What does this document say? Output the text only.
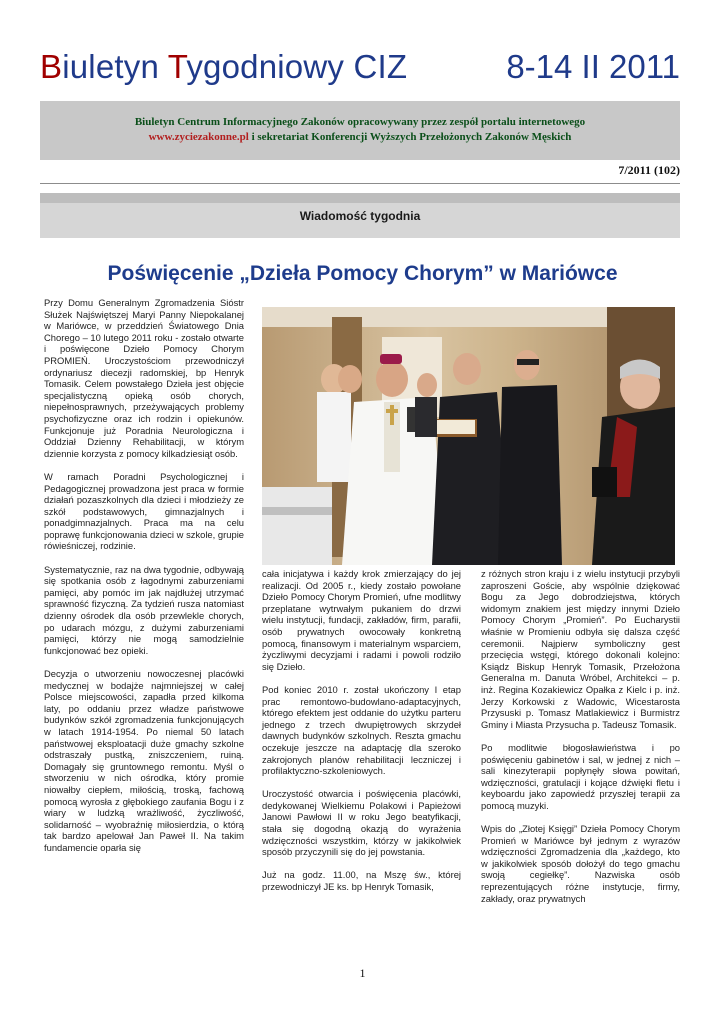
Biuletyn Tygodniowy CIZ	8-14 II 2011
Biuletyn Centrum Informacyjnego Zakonów opracowywany przez zespół portalu internetowego
www.zyciezakonne.pl i sekretariat Konferencji Wyższych Przełożonych Zakonów Męskich
7/2011 (102)
Wiadomość tygodnia
Poświęcenie „Dzieła Pomocy Chorym” w Mariówce

Przy Domu Generalnym Zgromadzenia Sióstr Służek Najświętszej Maryi Panny Niepokalanej w Mariówce, w przeddzień Światowego Dnia Chorego – 10 lutego 2011 roku - zostało otwarte i poświęcone Dzieło Pomocy Chorym PROMIEŃ. Uroczystościom przewodniczył ordynariusz diecezji radomskiej, bp Henryk Tomasik. Celem powstałego Dzieła jest objęcie specjalistyczną opieką osób chorych, niepełnosprawnych, przeżywających problemy psychofizyczne oraz ich rodzin i opiekunów. Funkcjonuje już Poradnia Neurologiczna i Oddział Dzienny Rehabilitacji, w którym dziennie korzysta z pomocy kilkadziesiąt osób.

W ramach Poradni Psychologicznej i Pedagogicznej prowadzona jest praca w formie działań pozaszkolnych dla dzieci i młodzieży ze szkół podstawowych, gimnazjalnych i ponadgimnazjalnych. Praca ma na celu poprawę funkcjonowania dzieci w szkole, grupie rówieśniczej, rodzinie.

Systematycznie, raz na dwa tygodnie, odbywają się spotkania osób z łagodnymi zaburzeniami pamięci, aby pomóc im jak najdłużej utrzymać sprawność fizyczną. Za tydzień rusza natomiast dzienny ośrodek dla osób przewlekle chorych, po udarach mózgu, z dużymi zaburzeniami pamięci, którzy nie mogą samodzielnie funkcjonować bez opieki.

Decyzja o utworzeniu nowoczesnej placówki medycznej w bodajże najmniejszej w całej Polsce miejscowości, zapadła przed kilkoma laty, po oddaniu przez władze państwowe budynków szkół zgromadzenia funkcjonujących w latach 1914-1954. Po niemal 50 latach państwowej eksploatacji duże gmachy szkolne odstraszały pustką, zniszczeniem, ruiną. Domagały się gruntownego remontu. Myśl o stworzeniu w nich ośrodka, który promie niowałby ciepłem, miłością, troską, fachową pomocą wyrosła z głębokiego zaufania Bogu i z wiary w ludzką wrażliwość, życzliwość, solidarność – wyobraźnię miłosierdzia, o którą tak bardzo apelował Jan Paweł II. Na takim fundamencie oparła się

cała inicjatywa i każdy krok zmierzający do jej realizacji. Od 2005 r., kiedy zostało powołane Dzieło Pomocy Chorym Promień, ufne modlitwy przeplatane wytrwałym pukaniem do drzwi wielu instytucji, fundacji, zakładów, firm, parafii, osób prywatnych owocowały konkretną pomocą, finansowym i materialnym wsparciem, życzliwymi decyzjami i radami i powoli rodziło się Dzieło.

Pod koniec 2010 r. został ukończony I etap prac remontowo-budowlano-adaptacyjnych, którego efektem jest oddanie do użytku parteru jednego z trzech dwupiętrowych skrzydeł dawnych budynków szkolnych. Reszta gmachu oczekuje jeszcze na adaptację dla szeroko zakrojonych planów rehabilitacji leczniczej i profilaktyczno-szkoleniowych.

Uroczystość otwarcia i poświęcenia placówki, dedykowanej Wielkiemu Polakowi i Papieżowi Janowi Pawłowi II w roku Jego beatyfikacji, stała się dogodną okazją do wyrażenia wdzięczności wszystkim, którzy w jakikolwiek sposób przyczynili się do jej powstania.

Już na godz. 11.00, na Mszę św., której przewodniczył JE ks. bp Henryk Tomasik,

z różnych stron kraju i z wielu instytucji przybyli zaproszeni Goście, aby wspólnie dziękować Bogu za Jego dobrodziejstwa, których widomym znakiem jest między innymi Dzieło Pomocy Chorym „Promień”. Po Eucharystii właśnie w Promieniu odbyła się dalsza część ceremonii. Najpierw symboliczny gest przecięcia wstęgi, którego dokonali kolejno: Ksiądz Biskup Henryk Tomasik, Przełożona Generalna m. Danuta Wróbel, Architekci – p. inż. Regina Kozakiewicz Opałka z Kielc i p. inż. Jerzy Korkowski z Wadowic, Wicestarosta Przysuski p. Tomasz Matlakiewicz i Burmistrz Gminy i Miasta Przysucha p. Tadeusz Tomasik.

Po modlitwie błogosławieństwa i po poświęceniu gabinetów i sal, w jednej z nich – sali kinezyterapii popłynęły słowa powitań, wdzięczności, gratulacji i kojące dźwięki fletu i keyboardu jako zapowiedź przyszłej terapii za pomocą muzyki.

Wpis do „Złotej Księgi” Dzieła Pomocy Chorym Promień w Mariówce był jednym z wyrazów wdzięczności Zgromadzenia dla „każdego, kto w jakikolwiek sposób dołożył do tego gmachu swoją cegiełkę”. Nazwiska osób reprezentujących różne instytucje, firmy, zakłady, oraz prywatnych

1
